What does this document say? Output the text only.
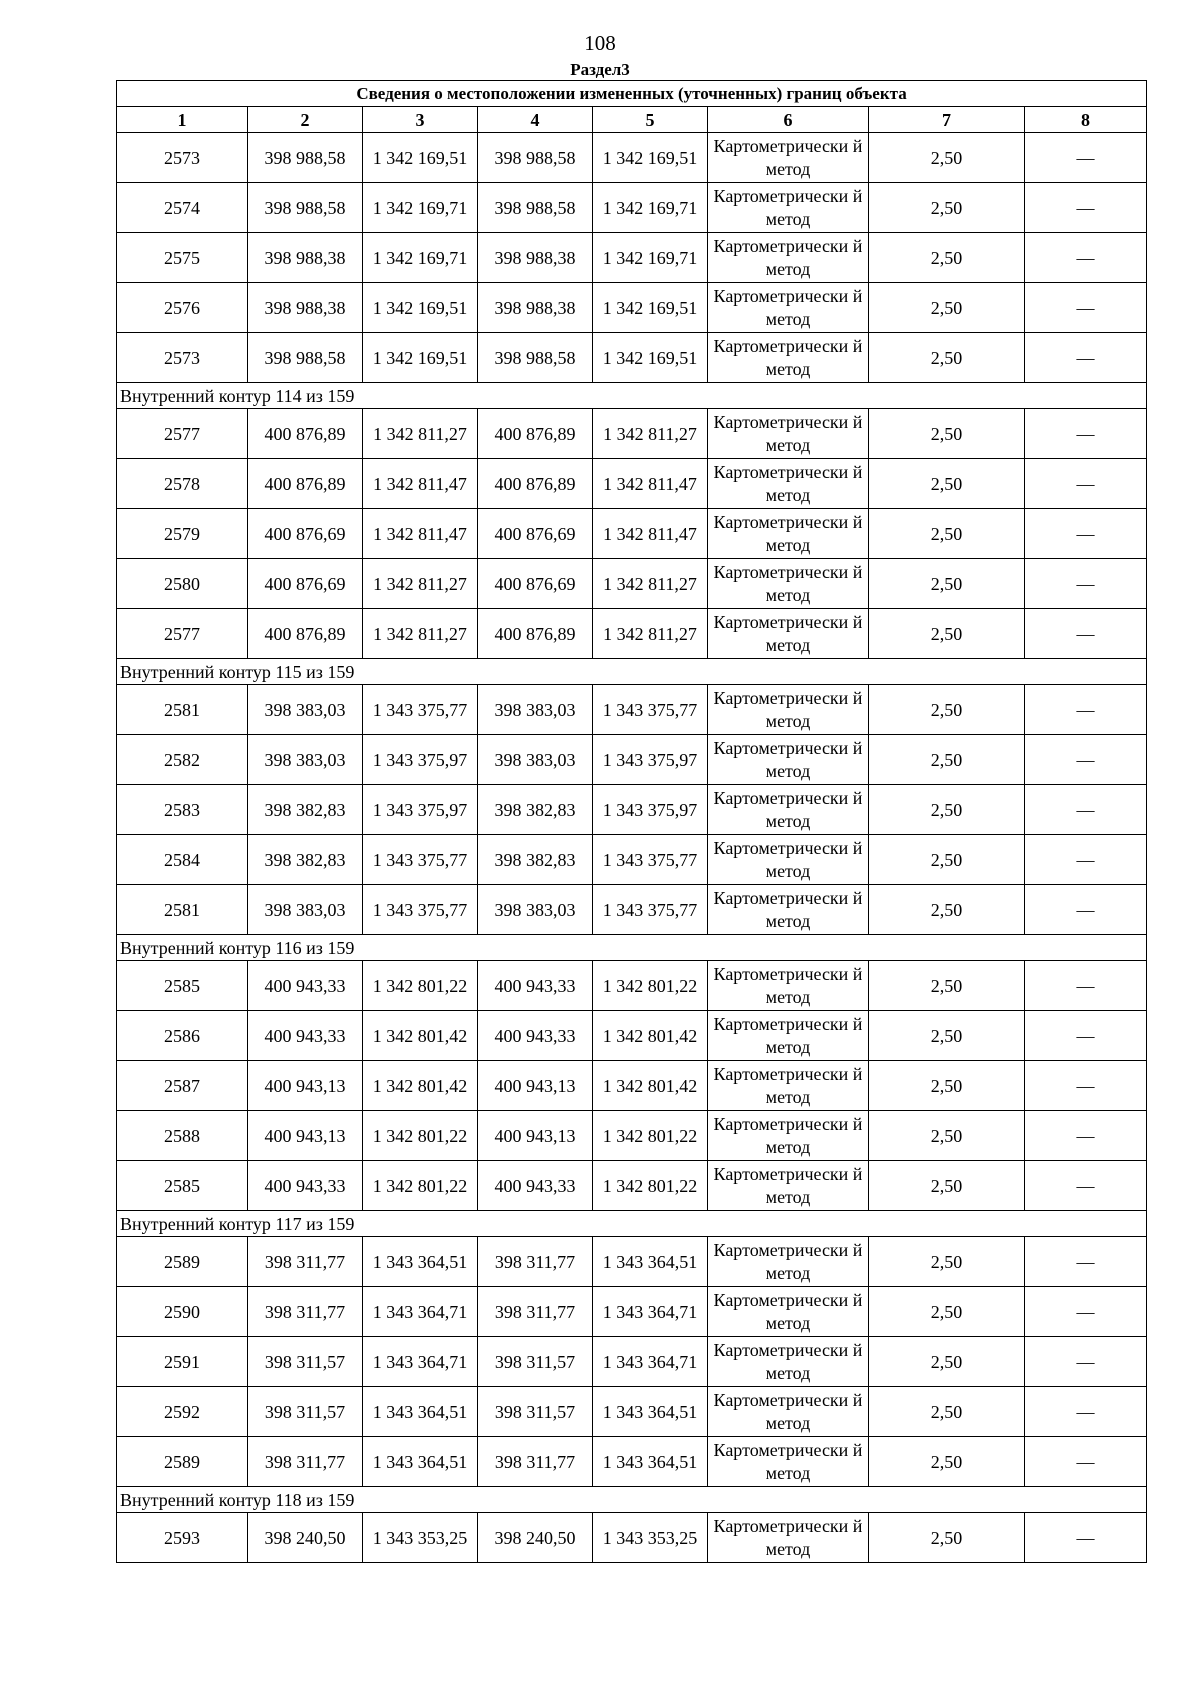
108
Раздел3
Сведения о местоположении измененных (уточненных) границ объекта							
1	2	3	4	5	6	7	8
2573	398 988,58	1 342 169,51	398 988,58	1 342 169,51	Картометрически й метод	2,50	—
2574	398 988,58	1 342 169,71	398 988,58	1 342 169,71	Картометрически й метод	2,50	—
2575	398 988,38	1 342 169,71	398 988,38	1 342 169,71	Картометрически й метод	2,50	—
2576	398 988,38	1 342 169,51	398 988,38	1 342 169,51	Картометрически й метод	2,50	—
2573	398 988,58	1 342 169,51	398 988,58	1 342 169,51	Картометрически й метод	2,50	—
Внутренний контур 114 из 159							
2577	400 876,89	1 342 811,27	400 876,89	1 342 811,27	Картометрически й метод	2,50	—
2578	400 876,89	1 342 811,47	400 876,89	1 342 811,47	Картометрически й метод	2,50	—
2579	400 876,69	1 342 811,47	400 876,69	1 342 811,47	Картометрически й метод	2,50	—
2580	400 876,69	1 342 811,27	400 876,69	1 342 811,27	Картометрически й метод	2,50	—
2577	400 876,89	1 342 811,27	400 876,89	1 342 811,27	Картометрически й метод	2,50	—
Внутренний контур 115 из 159							
2581	398 383,03	1 343 375,77	398 383,03	1 343 375,77	Картометрически й метод	2,50	—
2582	398 383,03	1 343 375,97	398 383,03	1 343 375,97	Картометрически й метод	2,50	—
2583	398 382,83	1 343 375,97	398 382,83	1 343 375,97	Картометрически й метод	2,50	—
2584	398 382,83	1 343 375,77	398 382,83	1 343 375,77	Картометрически й метод	2,50	—
2581	398 383,03	1 343 375,77	398 383,03	1 343 375,77	Картометрически й метод	2,50	—
Внутренний контур 116 из 159							
2585	400 943,33	1 342 801,22	400 943,33	1 342 801,22	Картометрически й метод	2,50	—
2586	400 943,33	1 342 801,42	400 943,33	1 342 801,42	Картометрически й метод	2,50	—
2587	400 943,13	1 342 801,42	400 943,13	1 342 801,42	Картометрически й метод	2,50	—
2588	400 943,13	1 342 801,22	400 943,13	1 342 801,22	Картометрически й метод	2,50	—
2585	400 943,33	1 342 801,22	400 943,33	1 342 801,22	Картометрически й метод	2,50	—
Внутренний контур 117 из 159							
2589	398 311,77	1 343 364,51	398 311,77	1 343 364,51	Картометрически й метод	2,50	—
2590	398 311,77	1 343 364,71	398 311,77	1 343 364,71	Картометрически й метод	2,50	—
2591	398 311,57	1 343 364,71	398 311,57	1 343 364,71	Картометрически й метод	2,50	—
2592	398 311,57	1 343 364,51	398 311,57	1 343 364,51	Картометрически й метод	2,50	—
2589	398 311,77	1 343 364,51	398 311,77	1 343 364,51	Картометрически й метод	2,50	—
Внутренний контур 118 из 159							
2593	398 240,50	1 343 353,25	398 240,50	1 343 353,25	Картометрически й метод	2,50	—
